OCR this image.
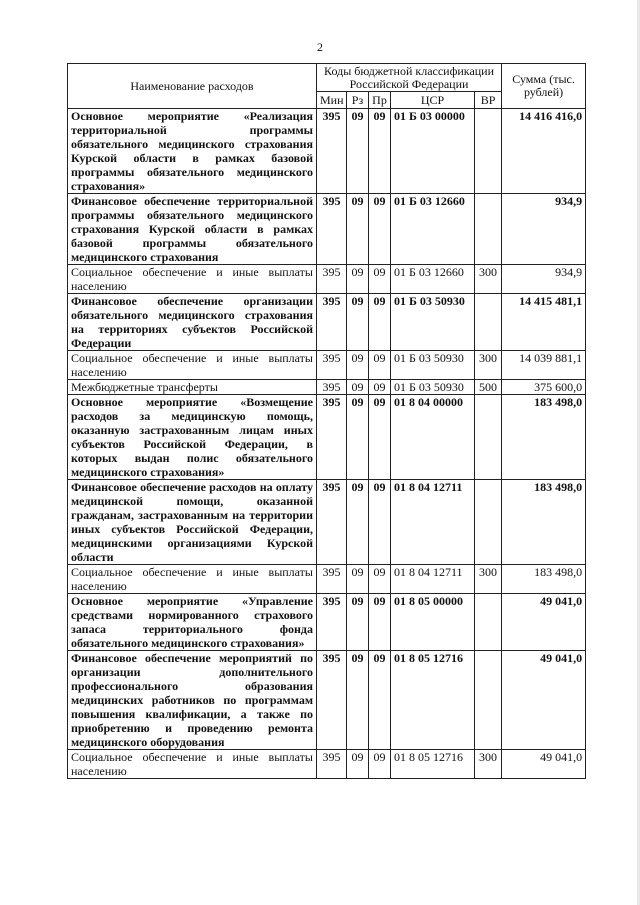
2
Наименование расходов	Коды бюджетной классификации Российской Федерации					Сумма (тыс. рублей)
	Мин	Рз	Пр	ЦСР	ВР	
Основное мероприятие «Реализация территориальной программы обязательного медицинского страхования Курской области в рамках базовой программы обязательного медицинского страхования»	395	09	09	01 Б 03 00000		14 416 416,0
Финансовое обеспечение территориальной программы обязательного медицинского страхования Курской области в рамках базовой программы обязательного медицинского страхования	395	09	09	01 Б 03 12660		934,9
Социальное обеспечение и иные выплаты населению	395	09	09	01 Б 03 12660	300	934,9
Финансовое обеспечение организации обязательного медицинского страхования на территориях субъектов Российской Федерации	395	09	09	01 Б 03 50930		14 415 481,1
Социальное обеспечение и иные выплаты населению	395	09	09	01 Б 03 50930	300	14 039 881,1
Межбюджетные трансферты	395	09	09	01 Б 03 50930	500	375 600,0
Основное мероприятие «Возмещение расходов за медицинскую помощь, оказанную застрахованным лицам иных субъектов Российской Федерации, в которых выдан полис обязательного медицинского страхования»	395	09	09	01 8 04 00000		183 498,0
Финансовое обеспечение расходов на оплату медицинской помощи, оказанной гражданам, застрахованным на территории иных субъектов Российской Федерации, медицинскими организациями Курской области	395	09	09	01 8 04 12711		183 498,0
Социальное обеспечение и иные выплаты населению	395	09	09	01 8 04 12711	300	183 498,0
Основное мероприятие «Управление средствами нормированного страхового запаса территориального фонда обязательного медицинского страхования»	395	09	09	01 8 05 00000		49 041,0
Финансовое обеспечение мероприятий по организации дополнительного профессионального образования медицинских работников по программам повышения квалификации, а также по приобретению и проведению ремонта медицинского оборудования	395	09	09	01 8 05 12716		49 041,0
Социальное обеспечение и иные выплаты населению	395	09	09	01 8 05 12716	300	49 041,0
